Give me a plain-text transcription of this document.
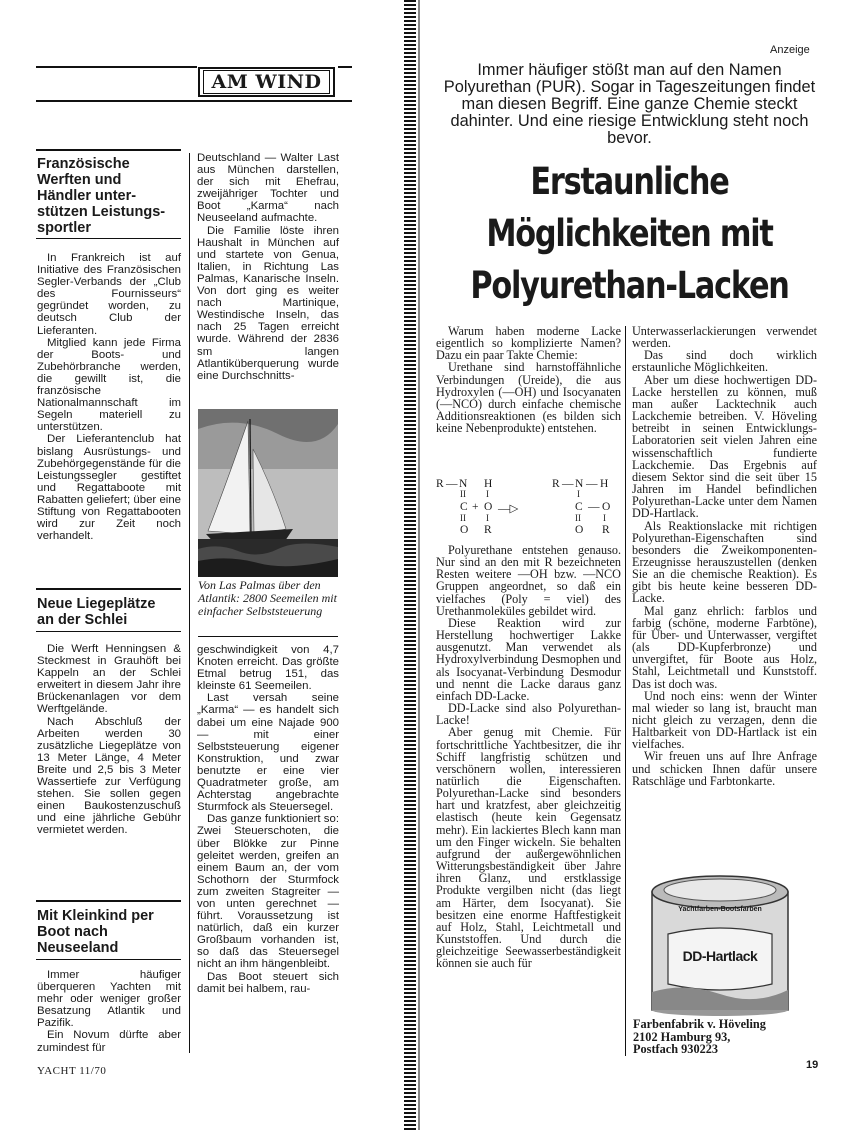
AM WIND
Französische
Werften und
Händler unter-
stützen Leistungs-
sportler

In Frankreich ist auf Initiative des Französischen Segler-Verbands der „Club des Fournisseurs“ gegründet worden, zu deutsch Club der Lieferanten.

Mitglied kann jede Firma der Boots- und Zubehörbranche werden, die gewillt ist, die französische Nationalmannschaft im Segeln materiell zu unterstützen.

Der Lieferantenclub hat bislang Ausrüstungs- und Zubehörgegenstände für die Leistungssegler gestiftet und Regattaboote mit Rabatten geliefert; über eine Stiftung von Regattabooten wird zur Zeit noch verhandelt.

Neue Liegeplätze
an der Schlei

Die Werft Henningsen & Steckmest in Grauhöft bei Kappeln an der Schlei erweitert in diesem Jahr ihre Brückenanlagen vor dem Werftgelände.

Nach Abschluß der Arbeiten werden 30 zusätzliche Liegeplätze von 13 Meter Länge, 4 Meter Breite und 2,5 bis 3 Meter Wassertiefe zur Verfügung stehen. Sie sollen gegen einen Baukostenzuschuß und eine jährliche Gebühr vermietet werden.

Mit Kleinkind per
Boot nach
Neuseeland

Immer häufiger überqueren Yachten mit mehr oder weniger großer Besatzung Atlantik und Pazifik.

Ein Novum dürfte aber zumindest für

Deutschland — Walter Last aus München darstellen, der sich mit Ehefrau, zweijähriger Tochter und Boot „Karma“ nach Neuseeland aufmachte.

Die Familie löste ihren Haushalt in München auf und startete von Genua, Italien, in Richtung Las Palmas, Kanarische Inseln. Von dort ging es weiter nach Martinique, Westindische Inseln, das nach 25 Tagen erreicht wurde. Während der 2836 sm langen Atlantiküberquerung wurde eine Durchschnitts-

Von Las Palmas über den Atlantik: 2800 Seemeilen mit einfacher Selbststeuerung

geschwindigkeit von 4,7 Knoten erreicht. Das größte Etmal betrug 151, das kleinste 61 Seemeilen.

Last versah seine „Karma“ — es handelt sich dabei um eine Najade 900 — mit einer Selbststeuerung eigener Konstruktion, und zwar benutzte er eine vier Quadratmeter große, am Achterstag angebrachte Sturmfock als Steuersegel.

Das ganze funktioniert so: Zwei Steuerschoten, die über Blökke zur Pinne geleitet werden, greifen an einem Baum an, der vom Schothorn der Sturmfock zum zweiten Stagreiter — von unten gerechnet — führt. Voraussetzung ist natürlich, daß ein kurzer Großbaum vorhanden ist, so daß das Steuersegel nicht an ihm hängenbleibt.

Das Boot steuert sich damit bei halbem, rau-

YACHT 11/70
Anzeige
Immer häufiger stößt man auf den Namen Polyurethan (PUR). Sogar in Tageszeitungen findet man diesen Begriff. Eine ganze Chemie steckt dahinter. Und eine riesige Entwicklung steht noch bevor.
Erstaunliche
Möglichkeiten mit
Polyurethan-Lacken

Warum haben moderne Lacke eigentlich so komplizierte Namen? Dazu ein paar Takte Chemie:

Urethane sind harnstoffähnliche Verbindungen (Ureide), die aus Hydroxylen (—OH) und Isocyanaten (—NCO) durch einfache chemische Additionsreaktionen (es bilden sich keine Nebenprodukte) entstehen.

R — N H
II I
C + O —▷
O R
R — N — H
I
C — O
II I
O R
II I

Polyurethane entstehen genauso. Nur sind an den mit R bezeichneten Resten weitere —OH bzw. —NCO Gruppen angeordnet, so daß ein vielfaches (Poly = viel) des Urethanmoleküles gebildet wird.

Diese Reaktion wird zur Herstellung hochwertiger Lakke ausgenutzt. Man verwendet als Hydroxylverbindung Desmophen und als Isocyanat-Verbindung Desmodur und nennt die Lacke daraus ganz einfach DD-Lacke.

DD-Lacke sind also Polyurethan-Lacke!

Aber genug mit Chemie. Für fortschrittliche Yachtbesitzer, die ihr Schiff langfristig schützen und verschönern wollen, interessieren natürlich die Eigenschaften. Polyurethan-Lacke sind besonders hart und kratzfest, aber gleichzeitig elastisch (heute kein Gegensatz mehr). Ein lackiertes Blech kann man um den Finger wickeln. Sie behalten aufgrund der außergewöhnlichen Witterungsbeständigkeit über Jahre ihren Glanz, und erstklassige Produkte vergilben nicht (das liegt am Härter, dem Isocyanat). Sie besitzen eine enorme Haftfestigkeit auf Holz, Stahl, Leichtmetall und Kunststoffen. Und durch die gleichzeitige Seewasserbeständigkeit können sie auch für

Unterwasserlackierungen verwendet werden.

Das sind doch wirklich erstaunliche Möglichkeiten.

Aber um diese hochwertigen DD-Lacke herstellen zu können, muß man außer Lacktechnik auch Lackchemie betreiben. V. Höveling betreibt in seinen Entwicklungs-Laboratorien seit vielen Jahren eine wissenschaftlich fundierte Lackchemie. Das Ergebnis auf diesem Sektor sind die seit über 15 Jahren im Handel befindlichen Polyurethan-Lacke unter dem Namen DD-Hartlack.

Als Reaktionslacke mit richtigen Polyurethan-Eigenschaften sind besonders die Zweikomponenten-Erzeugnisse herauszustellen (denken Sie an die chemische Reaktion). Es gibt bis heute keine besseren DD-Lacke.

Mal ganz ehrlich: farblos und farbig (schöne, moderne Farbtöne), für Über- und Unterwasser, vergiftet (als DD-Kupferbronze) und unvergiftet, für Boote aus Holz, Stahl, Leichtmetall und Kunststoff. Das ist doch was.

Und noch eins: wenn der Winter mal wieder so lang ist, braucht man nicht gleich zu verzagen, denn die Haltbarkeit von DD-Hartlack ist ein vielfaches.

Wir freuen uns auf Ihre Anfrage und schicken Ihnen dafür unsere Ratschläge und Farbtonkarte.

Yachtfarben-Bootsfarben
DD-Hartlack
Farbenfabrik v. Höveling
2102 Hamburg 93,
Postfach 930223
19
